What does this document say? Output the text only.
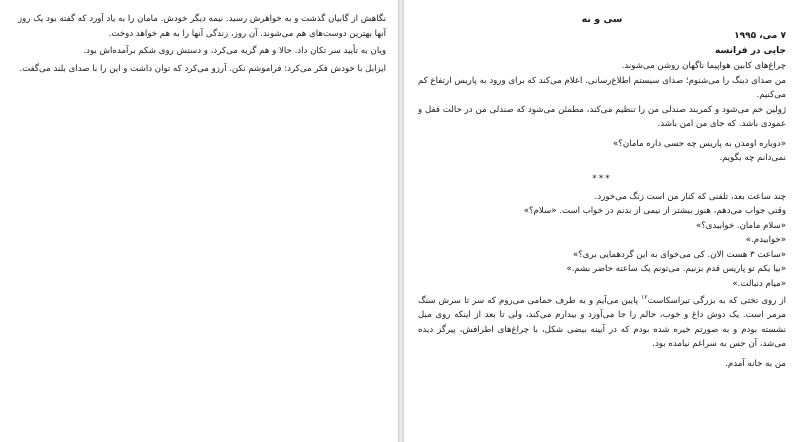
نگاهش از گابیان گذشت و به خواهرش رسید. نیمه دیگر خودش. مامان را به یاد آورد که گفته بود یک روز آنها بهترین دوست‌های هم می‌شوند. آن روز، زندگی آنها را به هم خواهد دوخت.

ویان به تأیید سر تکان داد. حالا و هم گریه می‌کرد، و دستش روی شکم برآمده‌اش بود.

ایزابل با خودش فکر می‌کرد: فراموشم نکن. آرزو می‌کرد که توان داشت و این را با صدای بلند می‌گفت.

سی و نه
۷ می، ۱۹۹۵
جایی در فرانسه

چراغ‌های کابین هواپیما ناگهان روشن می‌شوند.

من صدای دینگ را می‌شنوم؛ صدای سیستم اطلاع‌رسانی. اعلام می‌کند که برای ورود به پاریس ارتفاع کم می‌کنیم.

ژولین خم می‌شود و کمربند صندلی من را تنظیم می‌کند، مطمئن می‌شود که صندلی من در حالت قفل و عمودی باشد. که جای من امن باشد.

«دوباره اومدن به پاریس چه حسی داره مامان؟»

نمی‌دانم چه بگویم.

***

چند ساعت بعد، تلفنی که کنار من است زنگ می‌خورد.

وقتی جواب می‌دهم، هنوز بیشتر از نیمی از بدنم در خواب است. «سلام؟»

«سلام مامان. خوابیدی؟»

«خوابیدم.»

«ساعت ۳ هست الان. کی می‌خوای به این گردهمایی بری؟»

«بیا یکم تو پاریس قدم بزنیم. می‌تونم یک ساعته حاضر بشم.»

«میام دنبالت.»

از روی تختی که به بزرگی تیراسکاست$^{۱۲}$ پایین می‌آیم و به طرف حمامی می‌روم که سر تا سرش سنگ مرمر است. یک دوش داغ و خوب، حالم را جا می‌آورد و بیدارم می‌کند، ولی تا بعد از اینکه روی مبل نشسته بودم و به صورتم خیره شده بودم که در آیینه بیضی شکل، با چراغ‌های اطرافش، پیرگز دیده می‌شد، آن حس به سراغم نیامده بود.

من به خانه آمدم.
